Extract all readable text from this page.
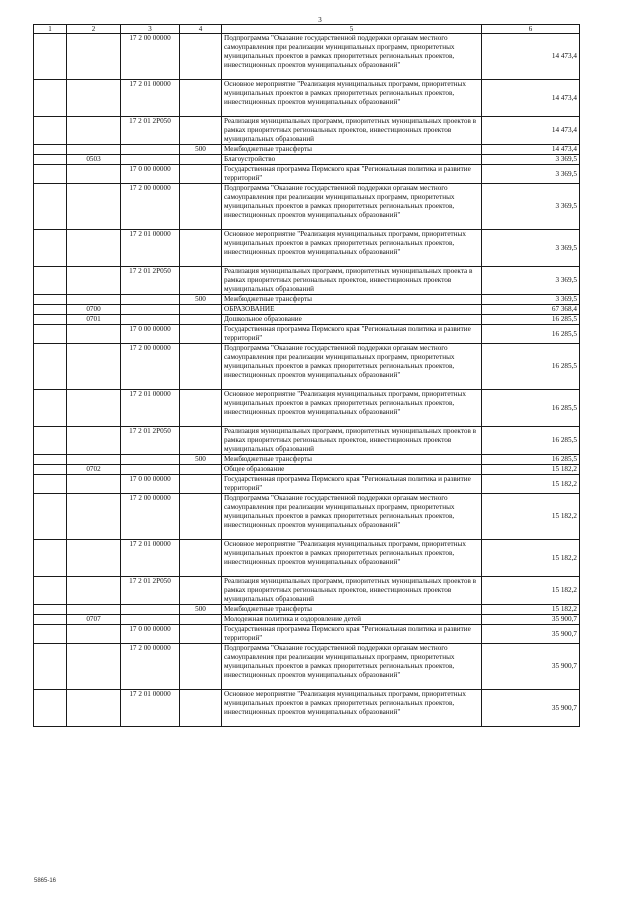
3
1	2	3	4	5	6
		17 2 00 00000		Подпрограмма "Оказание государственной поддержки органам местного самоуправления при реализации муниципальных программ, приоритетных муниципальных проектов в рамках приоритетных региональных проектов, инвестиционных проектов муниципальных образований"	14 473,4
		17 2 01 00000		Основное мероприятие "Реализация муниципальных программ, приоритетных муниципальных проектов в рамках приоритетных региональных проектов, инвестиционных проектов муниципальных образований"	14 473,4
		17 2 01 2Р050		Реализация муниципальных программ, приоритетных муниципальных проектов в рамках приоритетных региональных проектов, инвестиционных проектов муниципальных образований	14 473,4
			500	Межбюджетные трансферты	14 473,4
	0503			Благоустройство	3 369,5
		17 0 00 00000		Государственная программа Пермского края "Региональная политика и развитие территорий"	3 369,5
		17 2 00 00000		Подпрограмма "Оказание государственной поддержки органам местного самоуправления при реализации муниципальных программ, приоритетных муниципальных проектов в рамках приоритетных региональных проектов, инвестиционных проектов муниципальных образований"	3 369,5
		17 2 01 00000		Основное мероприятие "Реализация муниципальных программ, приоритетных муниципальных проектов в рамках приоритетных региональных проектов, инвестиционных проектов муниципальных образований"	3 369,5
		17 2 01 2Р050		Реализация муниципальных программ, приоритетных муниципальных проекта в рамках приоритетных региональных проектов, инвестиционных проектов муниципальных образований	3 369,5
			500	Межбюджетные трансферты	3 369,5
	0700			ОБРАЗОВАНИЕ	67 368,4
	0701			Дошкольное образование	16 285,5
		17 0 00 00000		Государственная программа Пермского края "Региональная политика и развитие территорий"	16 285,5
		17 2 00 00000		Подпрограмма "Оказание государственной поддержки органам местного самоуправления при реализации муниципальных программ, приоритетных муниципальных проектов в рамках приоритетных региональных проектов, инвестиционных проектов муниципальных образований"	16 285,5
		17 2 01 00000		Основное мероприятие "Реализация муниципальных программ, приоритетных муниципальных проектов в рамках приоритетных региональных проектов, инвестиционных проектов муниципальных образований"	16 285,5
		17 2 01 2Р050		Реализация муниципальных программ, приоритетных муниципальных проектов в рамках приоритетных региональных проектов, инвестиционных проектов муниципальных образований	16 285,5
			500	Межбюджетные трансферты	16 285,5
	0702			Общее образование	15 182,2
		17 0 00 00000		Государственная программа Пермского края "Региональная политика и развитие территорий"	15 182,2
		17 2 00 00000		Подпрограмма "Оказание государственной поддержки органам местного самоуправления при реализации муниципальных программ, приоритетных муниципальных проектов в рамках приоритетных региональных проектов, инвестиционных проектов муниципальных образований"	15 182,2
		17 2 01 00000		Основное мероприятие "Реализация муниципальных программ, приоритетных муниципальных проектов в рамках приоритетных региональных проектов, инвестиционных проектов муниципальных образований"	15 182,2
		17 2 01 2Р050		Реализация муниципальных программ, приоритетных муниципальных проектов в рамках приоритетных региональных проектов, инвестиционных проектов муниципальных образований	15 182,2
			500	Межбюджетные трансферты	15 182,2
	0707			Молодежная политика и оздоровление детей	35 900,7
		17 0 00 00000		Государственная программа Пермского края "Региональная политика и развитие территорий"	35 900,7
		17 2 00 00000		Подпрограмма "Оказание государственной поддержки органам местного самоуправления при реализации муниципальных программ, приоритетных муниципальных проектов в рамках приоритетных региональных проектов, инвестиционных проектов муниципальных образований"	35 900,7
		17 2 01 00000		Основное мероприятие "Реализация муниципальных программ, приоритетных муниципальных проектов в рамках приоритетных региональных проектов, инвестиционных проектов муниципальных образований"	35 900,7
5865-16
